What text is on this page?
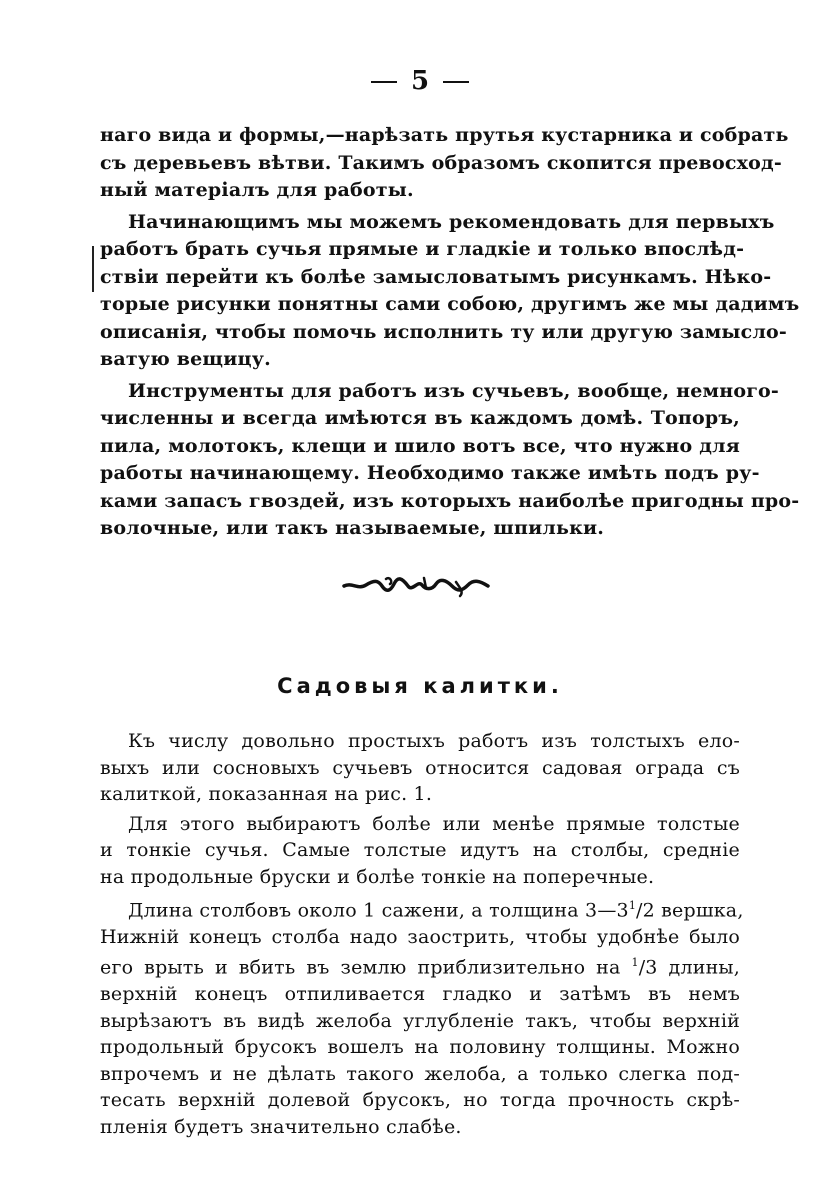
5
наго вида и формы,—нарѣзать прутья кустарника и собрать
съ деревьевъ вѣтви. Такимъ образомъ скопится превосход-
ный матеріалъ для работы.
Начинающимъ мы можемъ рекомендовать для первыхъ
работъ брать сучья прямые и гладкіе и только впослѣд-
ствіи перейти къ болѣе замысловатымъ рисункамъ. Нѣко-
торые рисунки понятны сами собою, другимъ же мы дадимъ
описанія, чтобы помочь исполнить ту или другую замысло-
ватую вещицу.
Инструменты для работъ изъ сучьевъ, вообще, немного-
численны и всегда имѣются въ каждомъ домѣ. Топоръ,
пила, молотокъ, клещи и шило вотъ все, что нужно для
работы начинающему. Необходимо также имѣть подъ ру-
ками запасъ гвоздей, изъ которыхъ наиболѣе пригодны про-
волочные, или такъ называемые, шпильки.
Садовыя калитки.
Къ числу довольно простыхъ работъ изъ толстыхъ ело-
выхъ или сосновыхъ сучьевъ относится садовая ограда съ
калиткой, показанная на рис. 1.
Для этого выбираютъ болѣе или менѣе прямые толстые
и тонкіе сучья. Самые толстые идутъ на столбы, средніе
на продольные бруски и болѣе тонкіе на поперечные.
Длина столбовъ около 1 сажени, а толщина $3—3^1/2$ вершка,
Нижній конецъ столба надо заострить, чтобы удобнѣе было
его врыть и вбить въ землю приблизительно на $^1$/3 длины,
верхній конецъ отпиливается гладко и затѣмъ въ немъ
вырѣзаютъ въ видѣ желоба углубленіе такъ, чтобы верхній
продольный брусокъ вошелъ на половину толщины. Можно
впрочемъ и не дѣлать такого желоба, а только слегка под-
тесать верхній долевой брусокъ, но тогда прочность скрѣ-
пленія будетъ значительно слабѣе.
